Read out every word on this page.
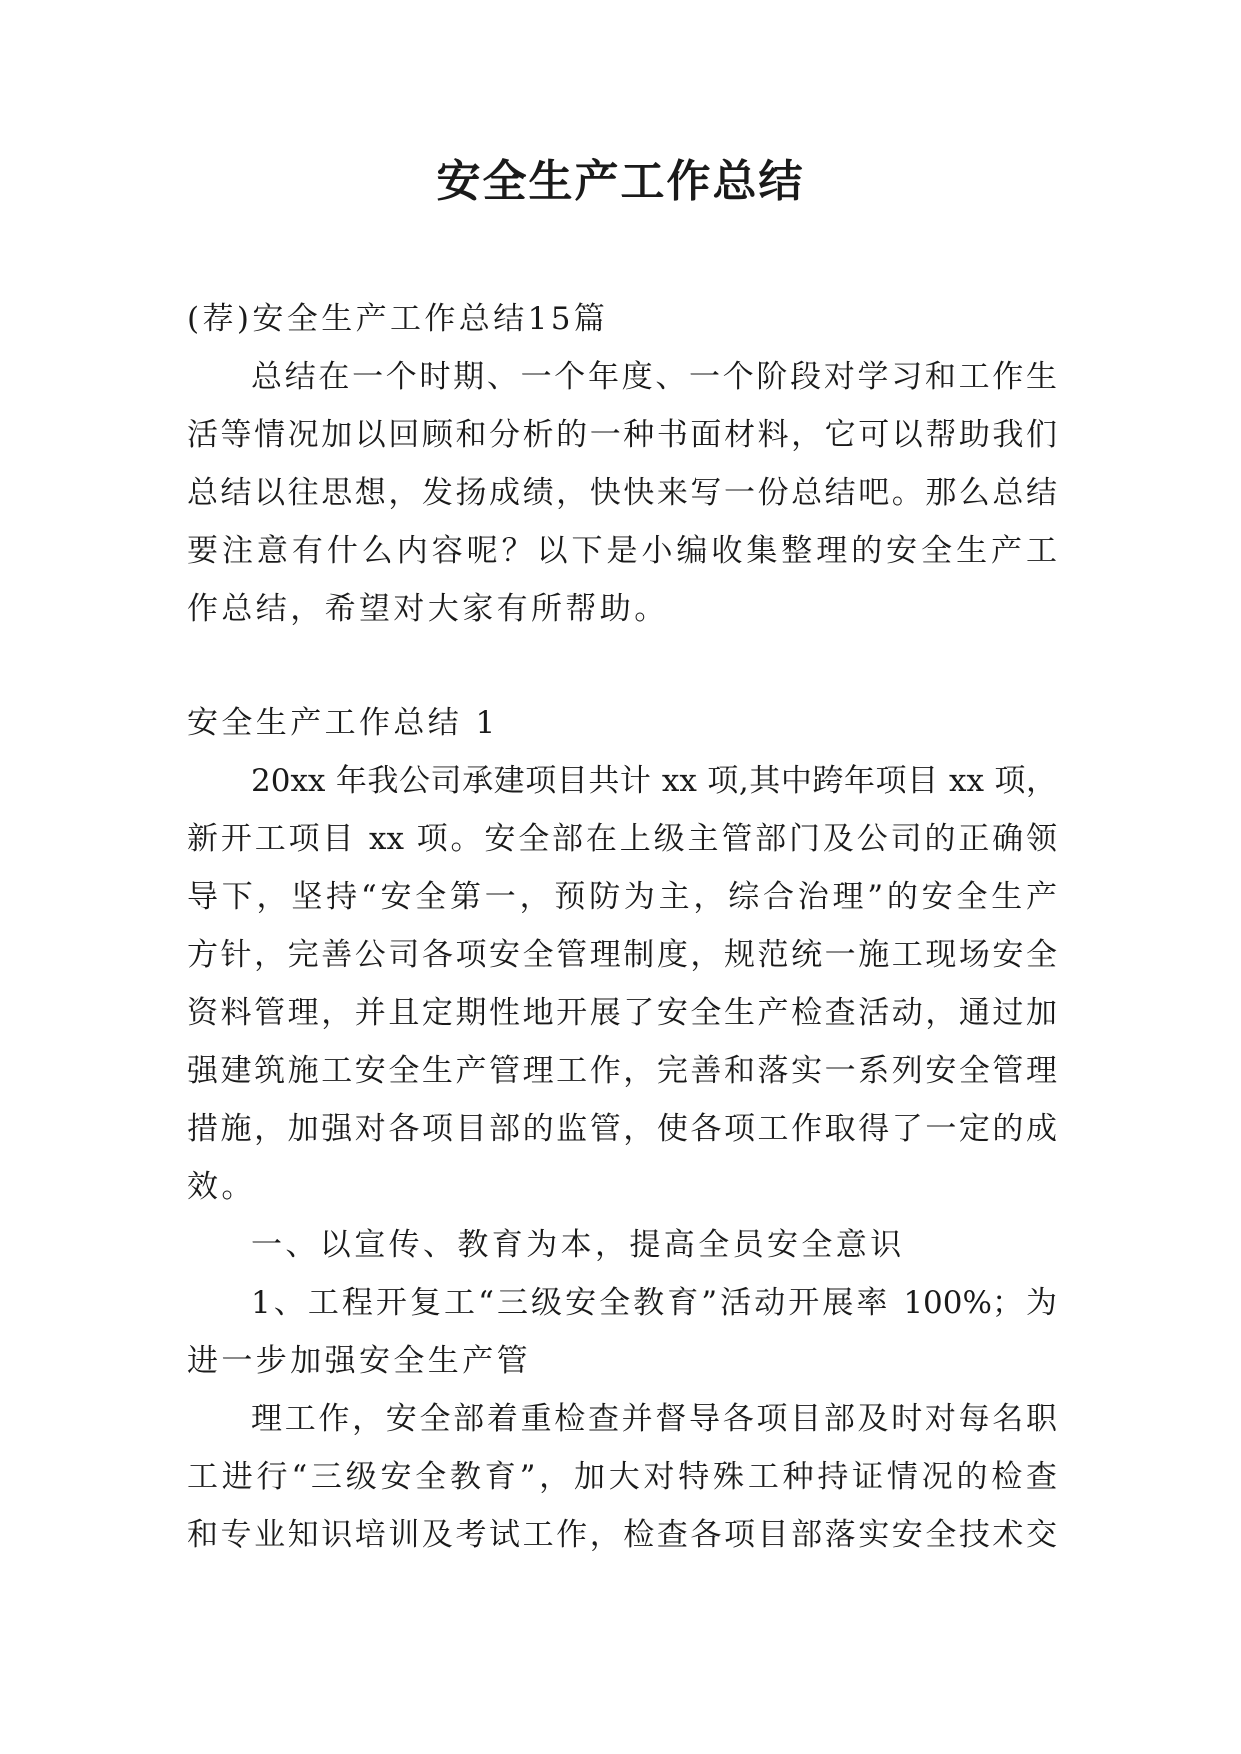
安全生产工作总结
(荐)安全生产工作总结15篇
总结在一个时期、一个年度、一个阶段对学习和工作生
活等情况加以回顾和分析的一种书面材料，它可以帮助我们
总结以往思想，发扬成绩，快快来写一份总结吧。那么总结
要注意有什么内容呢？以下是小编收集整理的安全生产工
作总结，希望对大家有所帮助。
安全生产工作总结 1
20xx 年我公司承建项目共计 xx 项,其中跨年项目 xx 项，
新开工项目 xx 项。安全部在上级主管部门及公司的正确领
导下，坚持“安全第一，预防为主，综合治理”的安全生产
方针，完善公司各项安全管理制度，规范统一施工现场安全
资料管理，并且定期性地开展了安全生产检查活动，通过加
强建筑施工安全生产管理工作，完善和落实一系列安全管理
措施，加强对各项目部的监管，使各项工作取得了一定的成
效。
一、以宣传、教育为本，提高全员安全意识
1、工程开复工“三级安全教育”活动开展率 100%；为
进一步加强安全生产管
理工作，安全部着重检查并督导各项目部及时对每名职
工进行“三级安全教育”，加大对特殊工种持证情况的检查
和专业知识培训及考试工作，检查各项目部落实安全技术交
